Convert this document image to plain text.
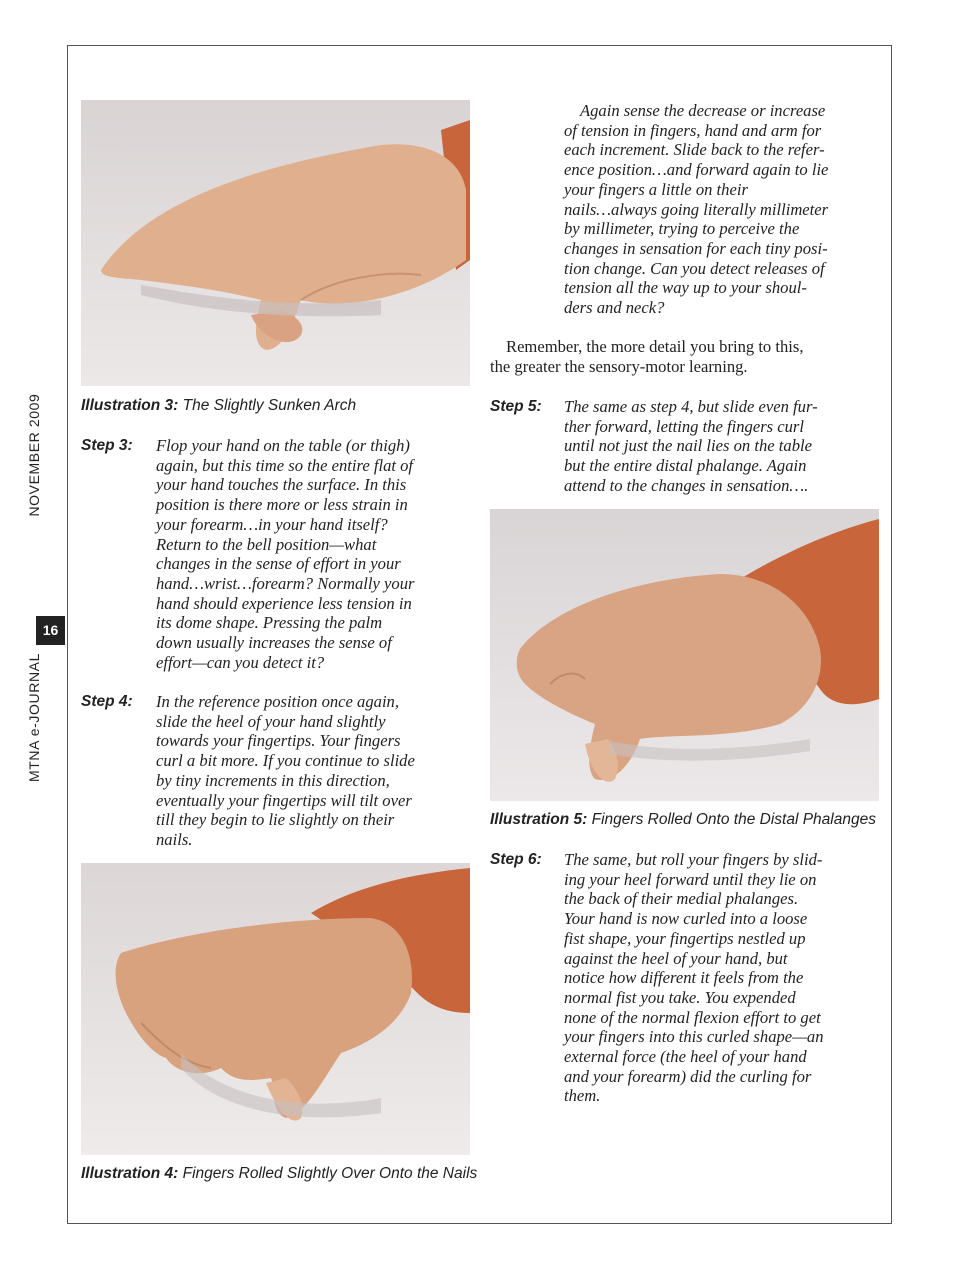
MTNA e-JOURNAL  NOVEMBER 2009
16
Illustration 3: The Slightly Sunken Arch
Step 3: Flop your hand on the table (or thigh)
again, but this time so the entire flat of
your hand touches the surface. In this
position is there more or less strain in
your forearm…in your hand itself?
Return to the bell position—what
changes in the sense of effort in your
hand…wrist…forearm? Normally your
hand should experience less tension in
its dome shape. Pressing the palm
down usually increases the sense of
effort—can you detect it?
Step 4: In the reference position once again,
slide the heel of your hand slightly
towards your fingertips. Your fingers
curl a bit more. If you continue to slide
by tiny increments in this direction,
eventually your fingertips will tilt over
till they begin to lie slightly on their
nails.
Illustration 4: Fingers Rolled Slightly Over Onto the Nails
Again sense the decrease or increase
of tension in fingers, hand and arm for
each increment. Slide back to the refer-
ence position…and forward again to lie
your fingers a little on their
nails…always going literally millimeter
by millimeter, trying to perceive the
changes in sensation for each tiny posi-
tion change. Can you detect releases of
tension all the way up to your shoul-
ders and neck?
Remember, the more detail you bring to this,
the greater the sensory-motor learning.
Step 5: The same as step 4, but slide even fur-
ther forward, letting the fingers curl
until not just the nail lies on the table
but the entire distal phalange. Again
attend to the changes in sensation….
Illustration 5: Fingers Rolled Onto the Distal Phalanges
Step 6: The same, but roll your fingers by slid-
ing your heel forward until they lie on
the back of their medial phalanges.
Your hand is now curled into a loose
fist shape, your fingertips nestled up
against the heel of your hand, but
notice how different it feels from the
normal fist you take. You expended
none of the normal flexion effort to get
your fingers into this curled shape—an
external force (the heel of your hand
and your forearm) did the curling for
them.
